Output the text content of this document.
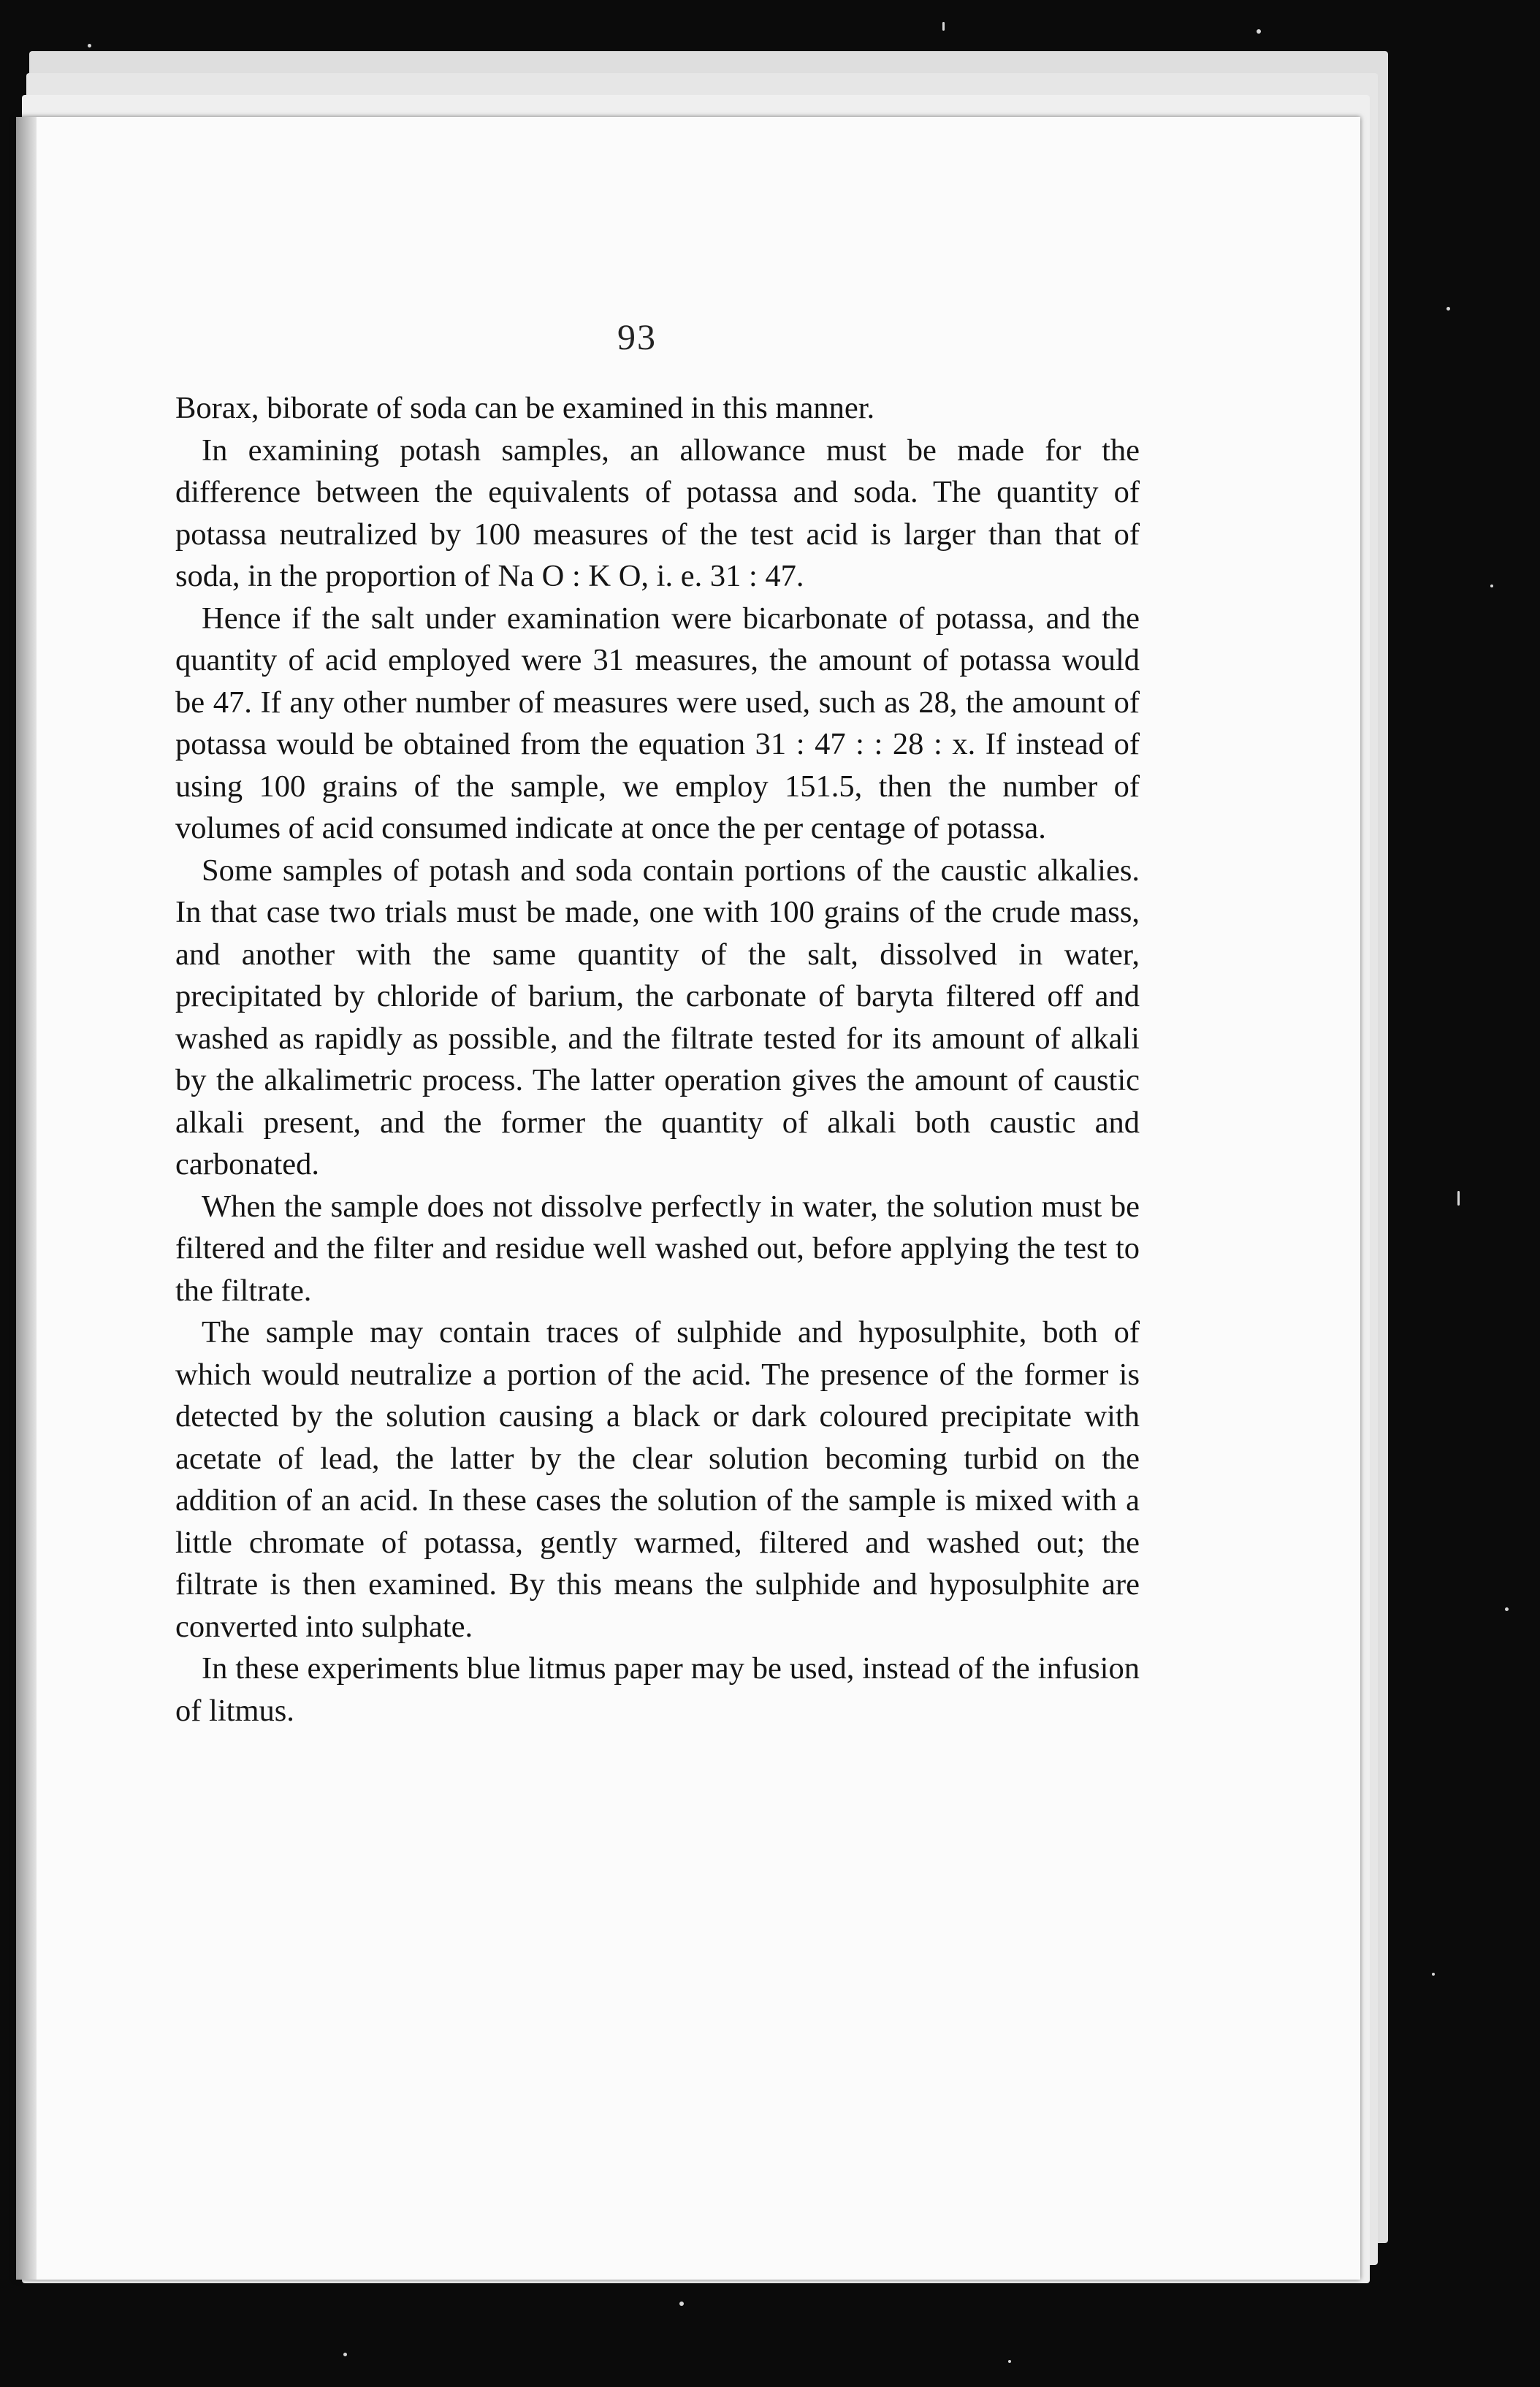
93

Borax, biborate of soda can be examined in this manner.

In examining potash samples, an allowance must be made for the difference between the equivalents of potassa and soda. The quantity of potassa neutralized by 100 measures of the test acid is larger than that of soda, in the proportion of Na O : K O, i. e. 31 : 47.

Hence if the salt under examination were bicarbonate of potassa, and the quantity of acid employed were 31 measures, the amount of potassa would be 47. If any other number of measures were used, such as 28, the amount of potassa would be obtained from the equation 31 : 47 : : 28 : x. If instead of using 100 grains of the sample, we employ 151.5, then the number of volumes of acid consumed indicate at once the per centage of potassa.

Some samples of potash and soda contain portions of the caustic alkalies. In that case two trials must be made, one with 100 grains of the crude mass, and another with the same quantity of the salt, dissolved in water, precipitated by chloride of barium, the carbonate of baryta filtered off and washed as rapidly as possible, and the filtrate tested for its amount of alkali by the alkalimetric process. The latter operation gives the amount of caustic alkali present, and the former the quantity of alkali both caustic and carbonated.

When the sample does not dissolve perfectly in water, the solution must be filtered and the filter and residue well washed out, before applying the test to the filtrate.

The sample may contain traces of sulphide and hyposulphite, both of which would neutralize a portion of the acid. The presence of the former is detected by the solution causing a black or dark coloured precipitate with acetate of lead, the latter by the clear solution becoming turbid on the addition of an acid. In these cases the solution of the sample is mixed with a little chromate of potassa, gently warmed, filtered and washed out; the filtrate is then examined. By this means the sulphide and hyposulphite are converted into sulphate.

In these experiments blue litmus paper may be used, instead of the infusion of litmus.
